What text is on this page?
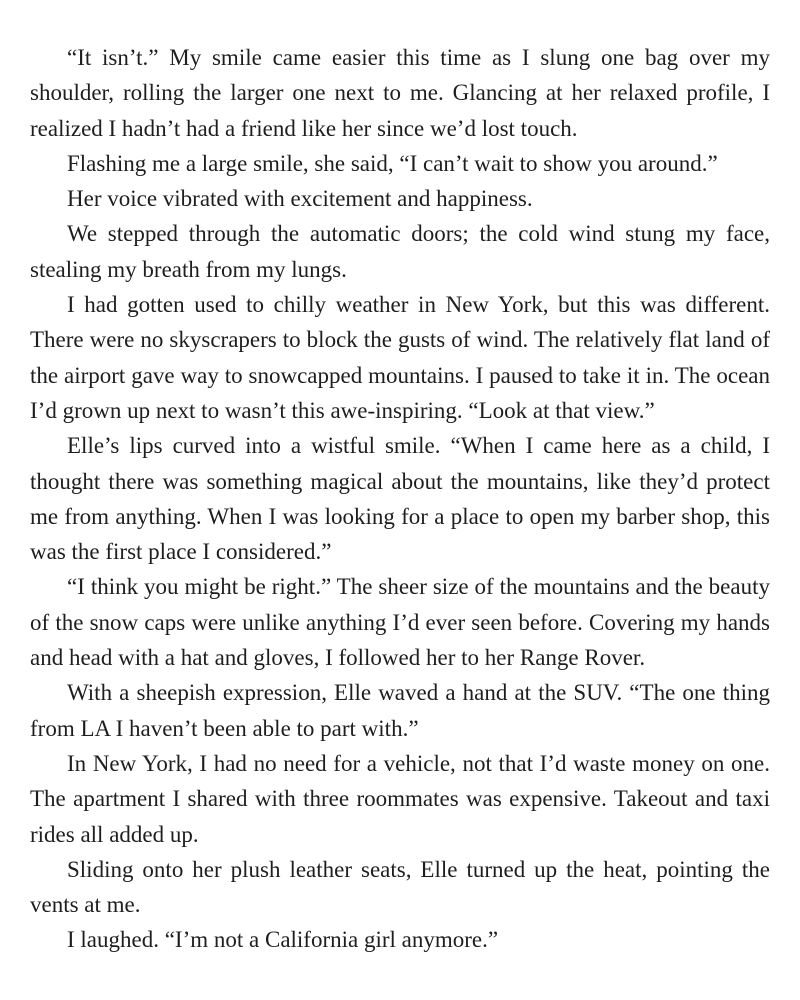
“It isn’t.” My smile came easier this time as I slung one bag over my shoulder, rolling the larger one next to me. Glancing at her relaxed profile, I realized I hadn’t had a friend like her since we’d lost touch.

Flashing me a large smile, she said, “I can’t wait to show you around.”

Her voice vibrated with excitement and happiness.

We stepped through the automatic doors; the cold wind stung my face, stealing my breath from my lungs.

I had gotten used to chilly weather in New York, but this was different. There were no skyscrapers to block the gusts of wind. The relatively flat land of the airport gave way to snowcapped mountains. I paused to take it in. The ocean I’d grown up next to wasn’t this awe-inspiring. “Look at that view.”

Elle’s lips curved into a wistful smile. “When I came here as a child, I thought there was something magical about the mountains, like they’d protect me from anything. When I was looking for a place to open my barber shop, this was the first place I considered.”

“I think you might be right.” The sheer size of the mountains and the beauty of the snow caps were unlike anything I’d ever seen before. Covering my hands and head with a hat and gloves, I followed her to her Range Rover.

With a sheepish expression, Elle waved a hand at the SUV. “The one thing from LA I haven’t been able to part with.”

In New York, I had no need for a vehicle, not that I’d waste money on one. The apartment I shared with three roommates was expensive. Takeout and taxi rides all added up.

Sliding onto her plush leather seats, Elle turned up the heat, pointing the vents at me.

I laughed. “I’m not a California girl anymore.”
